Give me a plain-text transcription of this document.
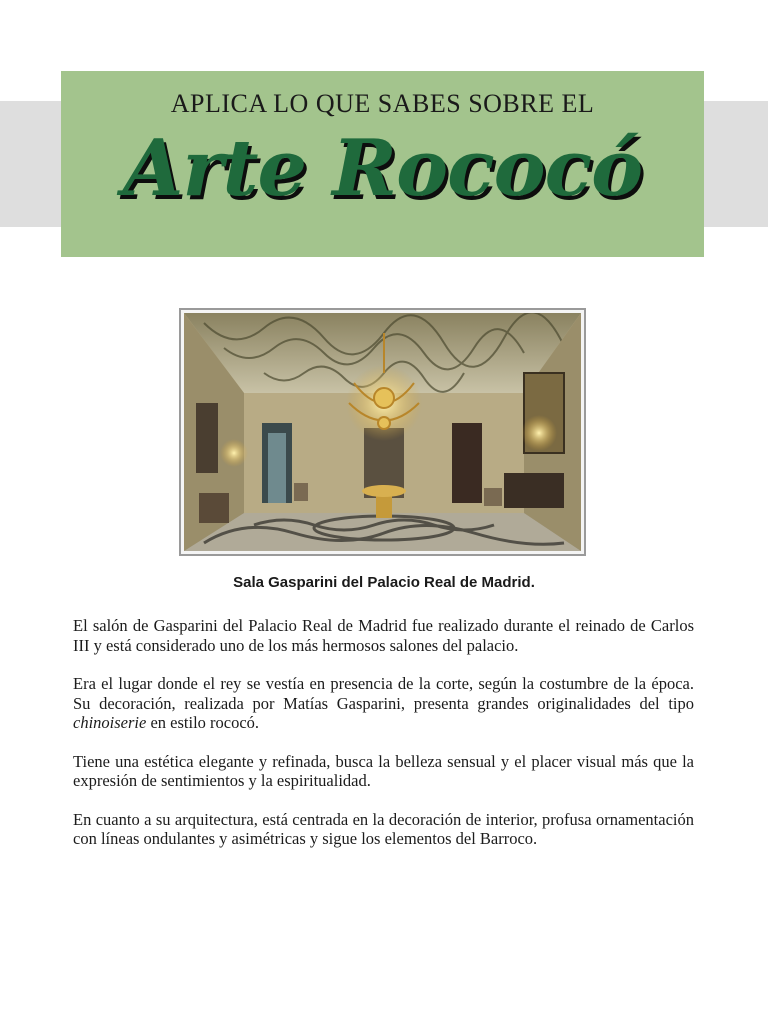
APLICA LO QUE SABES SOBRE EL
Arte Rococó
Sala Gasparini del Palacio Real de Madrid.

El salón de Gasparini del Palacio Real de Madrid fue realizado durante el reinado de Carlos III y está considerado uno de los más hermosos salones del palacio.

Era el lugar donde el rey se vestía en presencia de la corte, según la costumbre de la época. Su decoración, realizada por Matías Gasparini, presenta grandes originalidades del tipo chinoiserie en estilo rococó.

Tiene una estética elegante y refinada, busca la belleza sensual y el placer visual más que la expresión de sentimientos y la espiritualidad.

En cuanto a su arquitectura, está centrada en la decoración de interior, profusa ornamentación con líneas ondulantes y asimétricas y sigue los elementos del Barroco.
